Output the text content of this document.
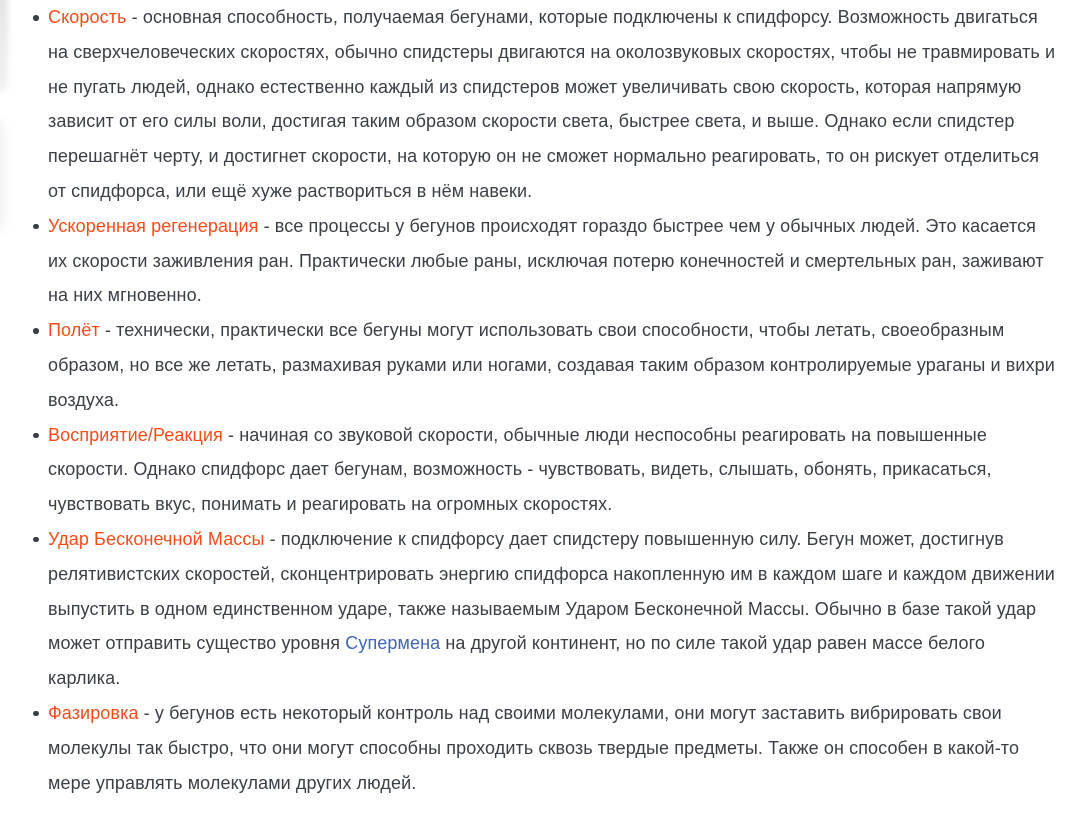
Скорость - основная способность, получаемая бегунами, которые подключены к спидфорсу. Возможность двигаться на сверхчеловеческих скоростях, обычно спидстеры двигаются на околозвуковых скоростях, чтобы не травмировать и не пугать людей, однако естественно каждый из спидстеров может увеличивать свою скорость, которая напрямую зависит от его силы воли, достигая таким образом скорости света, быстрее света, и выше. Однако если спидстер перешагнёт черту, и достигнет скорости, на которую он не сможет нормально реагировать, то он рискует отделиться от спидфорса, или ещё хуже раствориться в нём навеки.
Ускоренная регенерация - все процессы у бегунов происходят гораздо быстрее чем у обычных людей. Это касается их скорости заживления ран. Практически любые раны, исключая потерю конечностей и смертельных ран, заживают на них мгновенно.
Полёт - технически, практически все бегуны могут использовать свои способности, чтобы летать, своеобразным образом, но все же летать, размахивая руками или ногами, создавая таким образом контролируемые ураганы и вихри воздуха.
Восприятие/Реакция - начиная со звуковой скорости, обычные люди неспособны реагировать на повышенные скорости. Однако спидфорс дает бегунам, возможность - чувствовать, видеть, слышать, обонять, прикасаться, чувствовать вкус, понимать и реагировать на огромных скоростях.
Удар Бесконечной Массы - подключение к спидфорсу дает спидстеру повышенную силу. Бегун может, достигнув релятивистских скоростей, сконцентрировать энергию спидфорса накопленную им в каждом шаге и каждом движении выпустить в одном единственном ударе, также называемым Ударом Бесконечной Массы. Обычно в базе такой удар может отправить существо уровня Супермена на другой континент, но по силе такой удар равен массе белого карлика.
Фазировка - у бегунов есть некоторый контроль над своими молекулами, они могут заставить вибрировать свои молекулы так быстро, что они могут способны проходить сквозь твердые предметы. Также он способен в какой-то мере управлять молекулами других людей.
